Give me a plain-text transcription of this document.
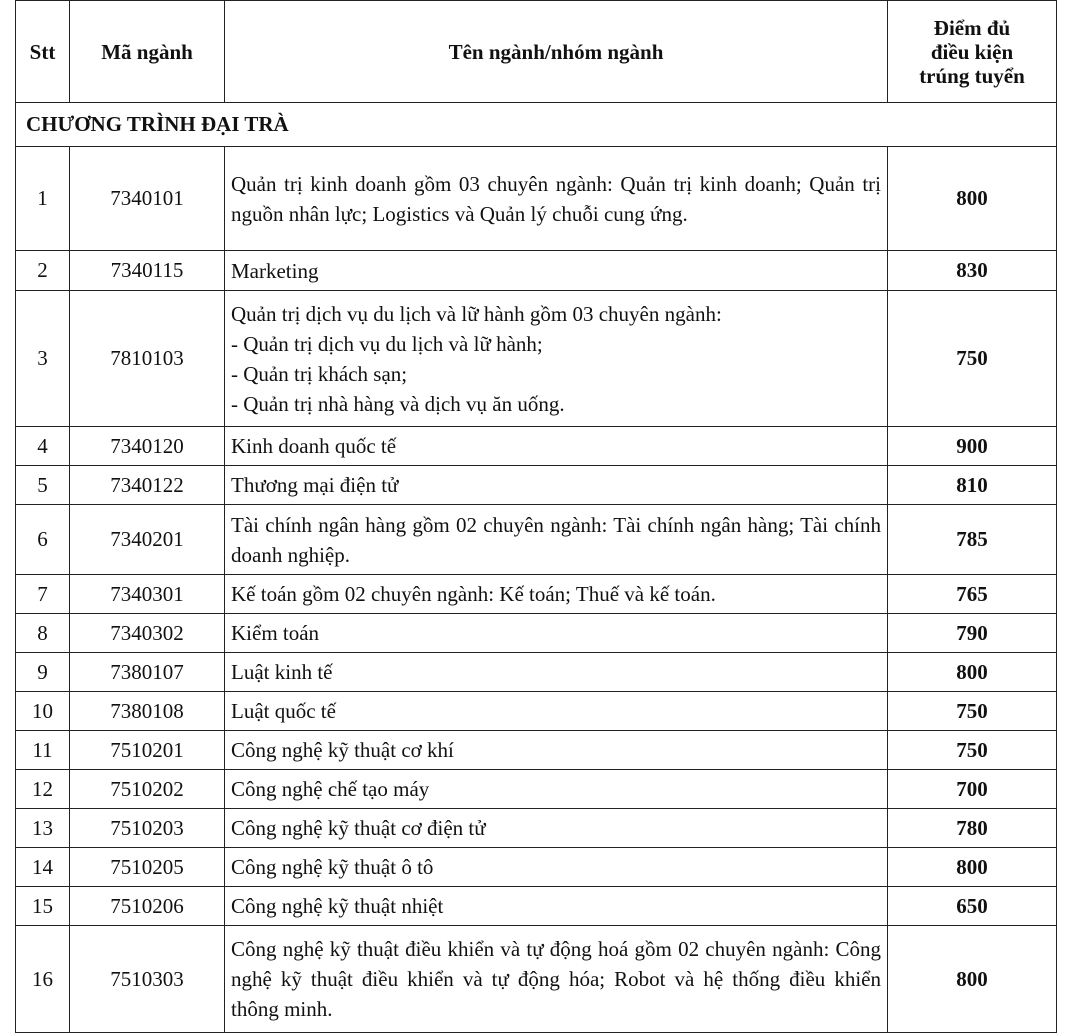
Stt	Mã ngành	Tên ngành/nhóm ngành	Điểm đủ
điều kiện
trúng tuyển

CHƯƠNG TRÌNH ĐẠI TRÀ			
1	7340101	Quản trị kinh doanh gồm 03 chuyên ngành: Quản trị kinh doanh; Quản trị nguồn nhân lực; Logistics và Quản lý chuỗi cung ứng.	800
2	7340115	Marketing	830
3	7810103	Quản trị dịch vụ du lịch và lữ hành gồm 03 chuyên ngành:
- Quản trị dịch vụ du lịch và lữ hành;
- Quản trị khách sạn;
- Quản trị nhà hàng và dịch vụ ăn uống.	750
4	7340120	Kinh doanh quốc tế	900
5	7340122	Thương mại điện tử	810
6	7340201	Tài chính ngân hàng gồm 02 chuyên ngành: Tài chính ngân hàng; Tài chính doanh nghiệp.	785
7	7340301	Kế toán gồm 02 chuyên ngành: Kế toán; Thuế và kế toán.	765
8	7340302	Kiểm toán	790
9	7380107	Luật kinh tế	800
10	7380108	Luật quốc tế	750
11	7510201	Công nghệ kỹ thuật cơ khí	750
12	7510202	Công nghệ chế tạo máy	700
13	7510203	Công nghệ kỹ thuật cơ điện tử	780
14	7510205	Công nghệ kỹ thuật ô tô	800
15	7510206	Công nghệ kỹ thuật nhiệt	650
16	7510303	Công nghệ kỹ thuật điều khiển và tự động hoá gồm 02 chuyên ngành: Công nghệ kỹ thuật điều khiển và tự động hóa; Robot và hệ thống điều khiển thông minh.	800
